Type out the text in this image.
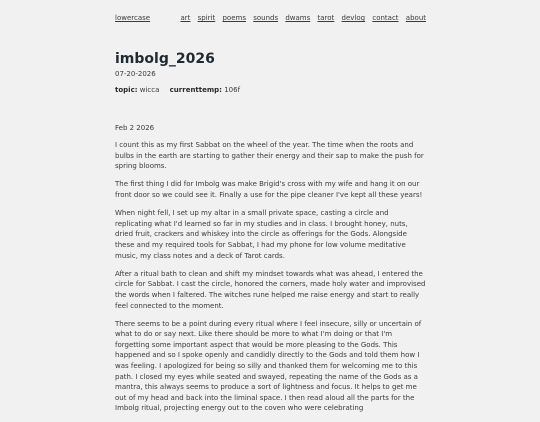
lowercase	art spirit poems sounds dwams tarot devlog contact about
imbolg_2026
07-20-2026
topic: wicca currenttemp: 106f
Feb 2 2026

I count this as my first Sabbat on the wheel of the year. The time when the roots and bulbs in the earth are starting to gather their energy and their sap to make the push for spring blooms.

The first thing I did for Imbolg was make Brigid's cross with my wife and hang it on our front door so we could see it. Finally a use for the pipe cleaner I've kept all these years!

When night fell, I set up my altar in a small private space, casting a circle and replicating what I'd learned so far in my studies and in class. I brought honey, nuts, dried fruit, crackers and whiskey into the circle as offerings for the Gods. Alongside these and my required tools for Sabbat, I had my phone for low volume meditative music, my class notes and a deck of Tarot cards.

After a ritual bath to clean and shift my mindset towards what was ahead, I entered the circle for Sabbat. I cast the circle, honored the corners, made holy water and improvised the words when I faltered. The witches rune helped me raise energy and start to really feel connected to the moment.

There seems to be a point during every ritual where I feel insecure, silly or uncertain of what to do or say next. Like there should be more to what I'm doing or that I'm forgetting some important aspect that would be more pleasing to the Gods. This happened and so I spoke openly and candidly directly to the Gods and told them how I was feeling. I apologized for being so silly and thanked them for welcoming me to this path. I closed my eyes while seated and swayed, repeating the name of the Gods as a mantra, this always seems to produce a sort of lightness and focus. It helps to get me out of my head and back into the liminal space. I then read aloud all the parts for the Imbolg ritual, projecting energy out to the coven who were celebrating
